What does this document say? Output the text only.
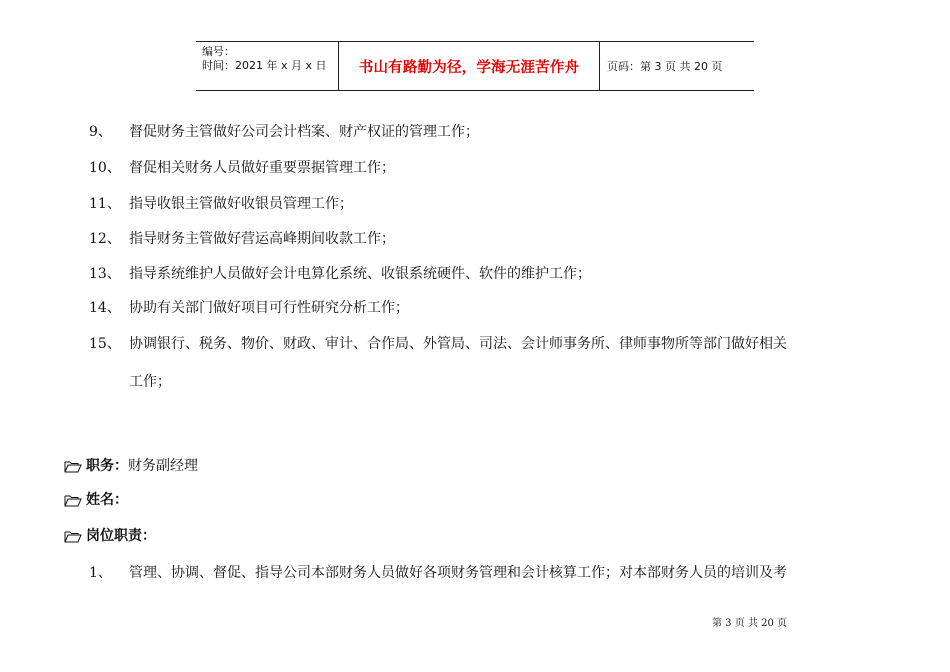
编号：
时间：2021 年 x 月 x 日	书山有路勤为径，学海无涯苦作舟	页码：第 3 页 共 20 页
9、 督促财务主管做好公司会计档案、财产权证的管理工作；
10、 督促相关财务人员做好重要票据管理工作；
11、 指导收银主管做好收银员管理工作；
12、 指导财务主管做好营运高峰期间收款工作；
13、 指导系统维护人员做好会计电算化系统、收银系统硬件、软件的维护工作；
14、 协助有关部门做好项目可行性研究分析工作；
15、 协调银行、税务、物价、财政、审计、合作局、外管局、司法、会计师事务所、律师事物所等部门做好相关
工作；
职务： 财务副经理
姓名：
岗位职责：
1、 管理、协调、督促、指导公司本部财务人员做好各项财务管理和会计核算工作；对本部财务人员的培训及考
第 3 页 共 20 页
